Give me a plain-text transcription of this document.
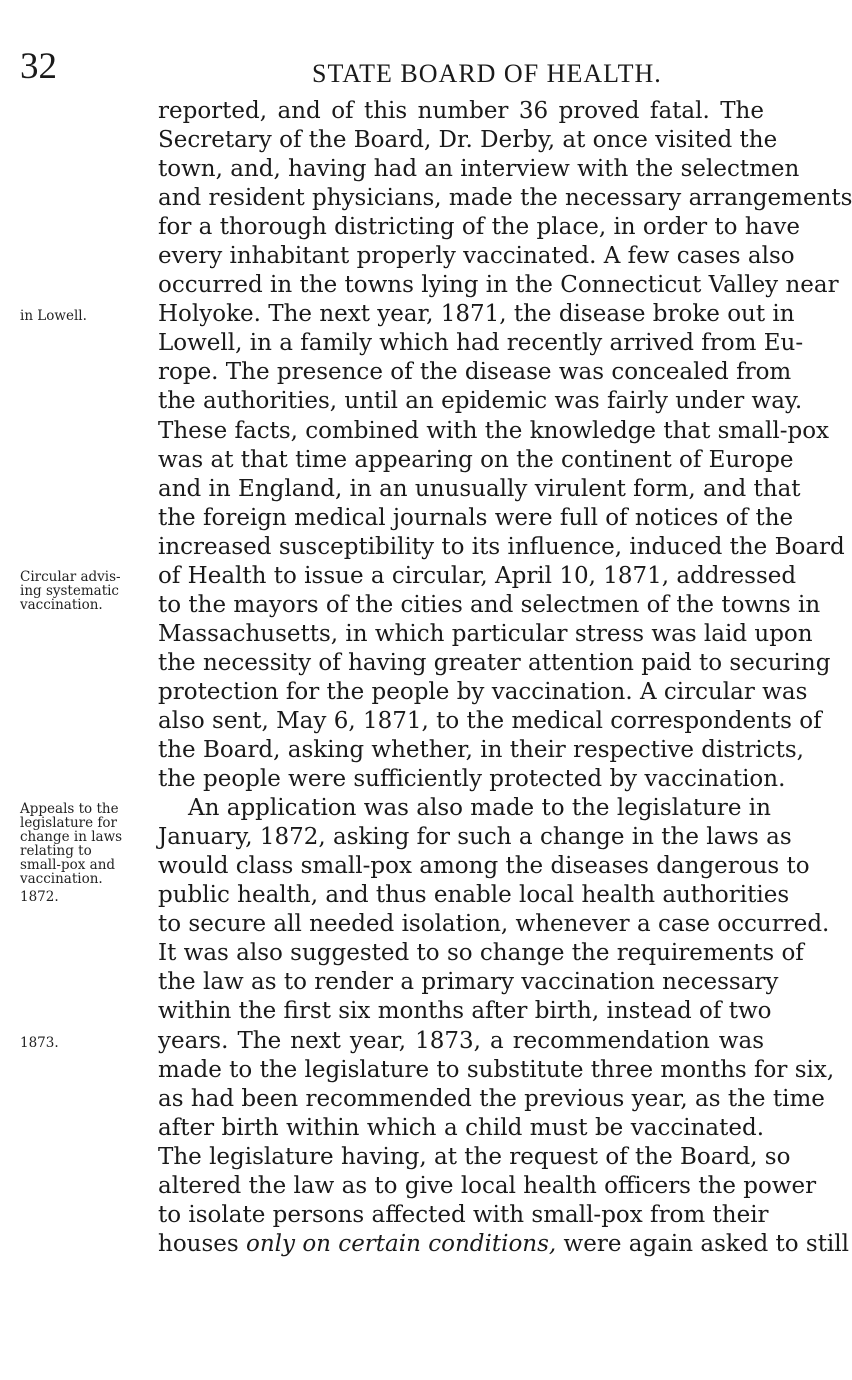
32	STATE BOARD OF HEALTH.
in Lowell.
Circular advis-
ing systematic
vaccination.
Appeals to the
legislature for
change in laws
relating to
small-pox and
vaccination.
1872.
1873.
reported, and of this number 36 proved fatal. The
Secretary of the Board, Dr. Derby, at once visited the
town, and, having had an interview with the selectmen
and resident physicians, made the necessary arrangements
for a thorough districting of the place, in order to have
every inhabitant properly vaccinated. A few cases also
occurred in the towns lying in the Connecticut Valley near
Holyoke. The next year, 1871, the disease broke out in
Lowell, in a family which had recently arrived from Eu-
rope. The presence of the disease was concealed from
the authorities, until an epidemic was fairly under way.
These facts, combined with the knowledge that small-pox
was at that time appearing on the continent of Europe
and in England, in an unusually virulent form, and that
the foreign medical journals were full of notices of the
increased susceptibility to its influence, induced the Board
of Health to issue a circular, April 10, 1871, addressed
to the mayors of the cities and selectmen of the towns in
Massachusetts, in which particular stress was laid upon
the necessity of having greater attention paid to securing
protection for the people by vaccination. A circular was
also sent, May 6, 1871, to the medical correspondents of
the Board, asking whether, in their respective districts,
the people were sufficiently protected by vaccination.
An application was also made to the legislature in
January, 1872, asking for such a change in the laws as
would class small-pox among the diseases dangerous to
public health, and thus enable local health authorities
to secure all needed isolation, whenever a case occurred.
It was also suggested to so change the requirements of
the law as to render a primary vaccination necessary
within the first six months after birth, instead of two
years. The next year, 1873, a recommendation was
made to the legislature to substitute three months for six,
as had been recommended the previous year, as the time
after birth within which a child must be vaccinated.
The legislature having, at the request of the Board, so
altered the law as to give local health officers the power
to isolate persons affected with small-pox from their
houses only on certain conditions, were again asked to still
